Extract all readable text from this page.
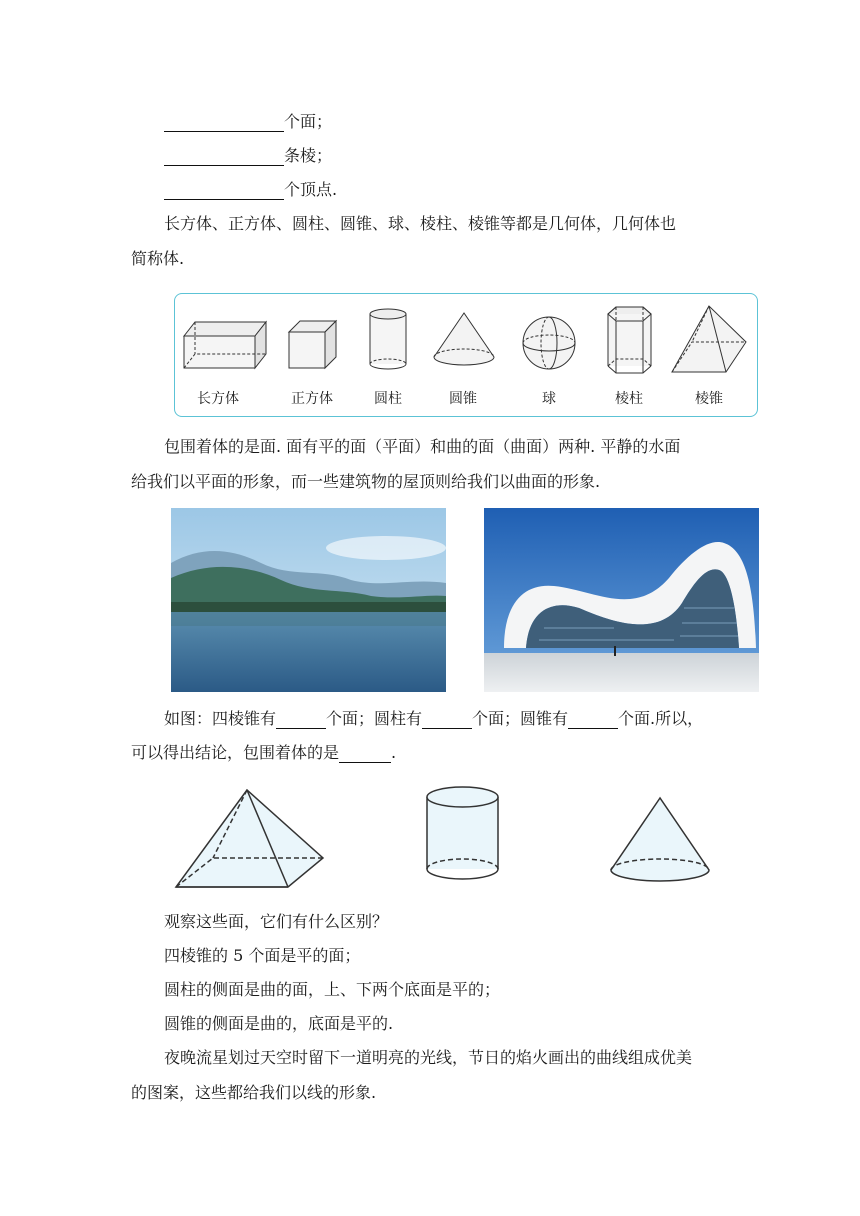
个面；
条棱；
个顶点.
长方体、正方体、圆柱、圆锥、球、棱柱、棱锥等都是几何体，几何体也
简称体.
长方体	正方体	圆柱	圆锥	球	棱柱	棱锥
包围着体的是面. 面有平的面（平面）和曲的面（曲面）两种. 平静的水面
给我们以平面的形象，而一些建筑物的屋顶则给我们以曲面的形象.
如图：四棱锥有	个面；圆柱有	个面；圆锥有	个面.所以，
可以得出结论，包围着体的是	.
观察这些面，它们有什么区别？
四棱锥的 5 个面是平的面；
圆柱的侧面是曲的面，上、下两个底面是平的；
圆锥的侧面是曲的，底面是平的.
夜晚流星划过天空时留下一道明亮的光线，节日的焰火画出的曲线组成优美
的图案，这些都给我们以线的形象.
